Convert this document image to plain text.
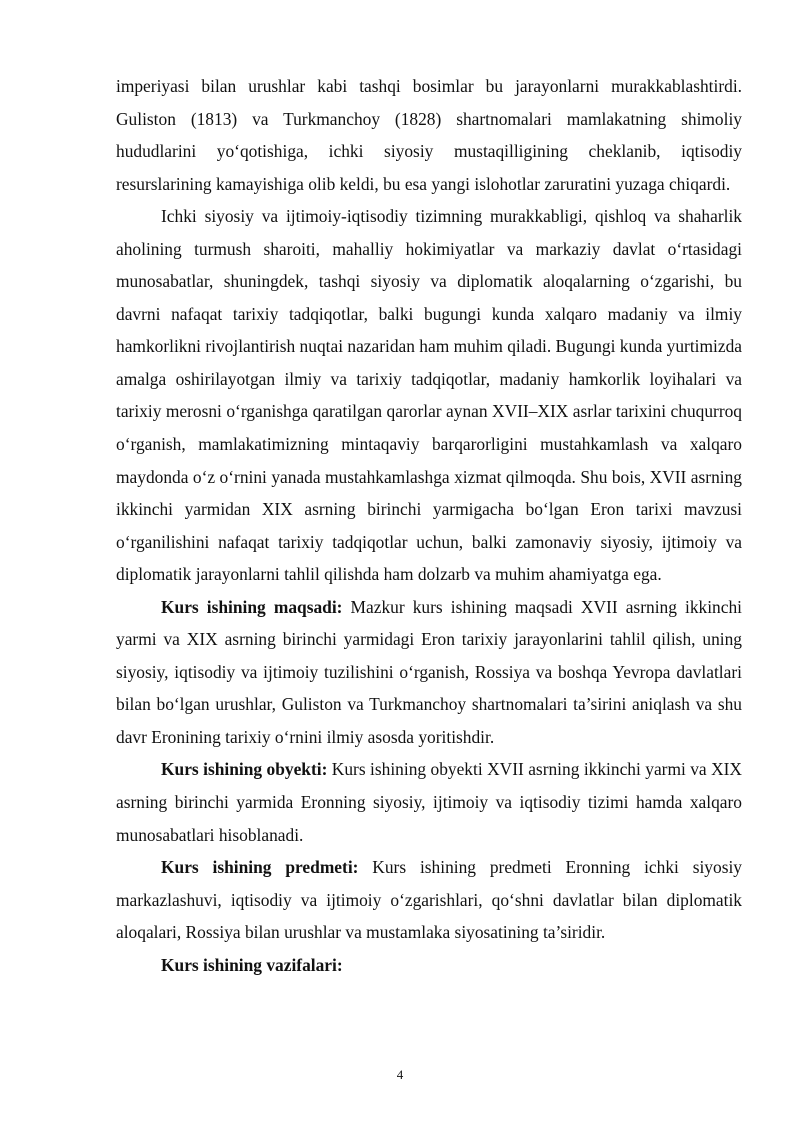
imperiyasi bilan urushlar kabi tashqi bosimlar bu jarayonlarni murakkablashtirdi. Guliston (1813) va Turkmanchoy (1828) shartnomalari mamlakatning shimoliy hududlarini yo‘qotishiga, ichki siyosiy mustaqilligining cheklanib, iqtisodiy resurslarining kamayishiga olib keldi, bu esa yangi islohotlar zaruratini yuzaga chiqardi.

Ichki siyosiy va ijtimoiy-iqtisodiy tizimning murakkabligi, qishloq va shaharlik aholining turmush sharoiti, mahalliy hokimiyatlar va markaziy davlat o‘rtasidagi munosabatlar, shuningdek, tashqi siyosiy va diplomatik aloqalarning o‘zgarishi, bu davrni nafaqat tarixiy tadqiqotlar, balki bugungi kunda xalqaro madaniy va ilmiy hamkorlikni rivojlantirish nuqtai nazaridan ham muhim qiladi. Bugungi kunda yurtimizda amalga oshirilayotgan ilmiy va tarixiy tadqiqotlar, madaniy hamkorlik loyihalari va tarixiy merosni o‘rganishga qaratilgan qarorlar aynan XVII–XIX asrlar tarixini chuqurroq o‘rganish, mamlakatimizning mintaqaviy barqarorligini mustahkamlash va xalqaro maydonda o‘z o‘rnini yanada mustahkamlashga xizmat qilmoqda. Shu bois, XVII asrning ikkinchi yarmidan XIX asrning birinchi yarmigacha bo‘lgan Eron tarixi mavzusi o‘rganilishini nafaqat tarixiy tadqiqotlar uchun, balki zamonaviy siyosiy, ijtimoiy va diplomatik jarayonlarni tahlil qilishda ham dolzarb va muhim ahamiyatga ega.

Kurs ishining maqsadi: Mazkur kurs ishining maqsadi XVII asrning ikkinchi yarmi va XIX asrning birinchi yarmidagi Eron tarixiy jarayonlarini tahlil qilish, uning siyosiy, iqtisodiy va ijtimoiy tuzilishini o‘rganish, Rossiya va boshqa Yevropa davlatlari bilan bo‘lgan urushlar, Guliston va Turkmanchoy shartnomalari ta’sirini aniqlash va shu davr Eronining tarixiy o‘rnini ilmiy asosda yoritishdir.

Kurs ishining obyekti: Kurs ishining obyekti XVII asrning ikkinchi yarmi va XIX asrning birinchi yarmida Eronning siyosiy, ijtimoiy va iqtisodiy tizimi hamda xalqaro munosabatlari hisoblanadi.

Kurs ishining predmeti: Kurs ishining predmeti Eronning ichki siyosiy markazlashuvi, iqtisodiy va ijtimoiy o‘zgarishlari, qo‘shni davlatlar bilan diplomatik aloqalari, Rossiya bilan urushlar va mustamlaka siyosatining ta’siridir.

Kurs ishining vazifalari:

4
